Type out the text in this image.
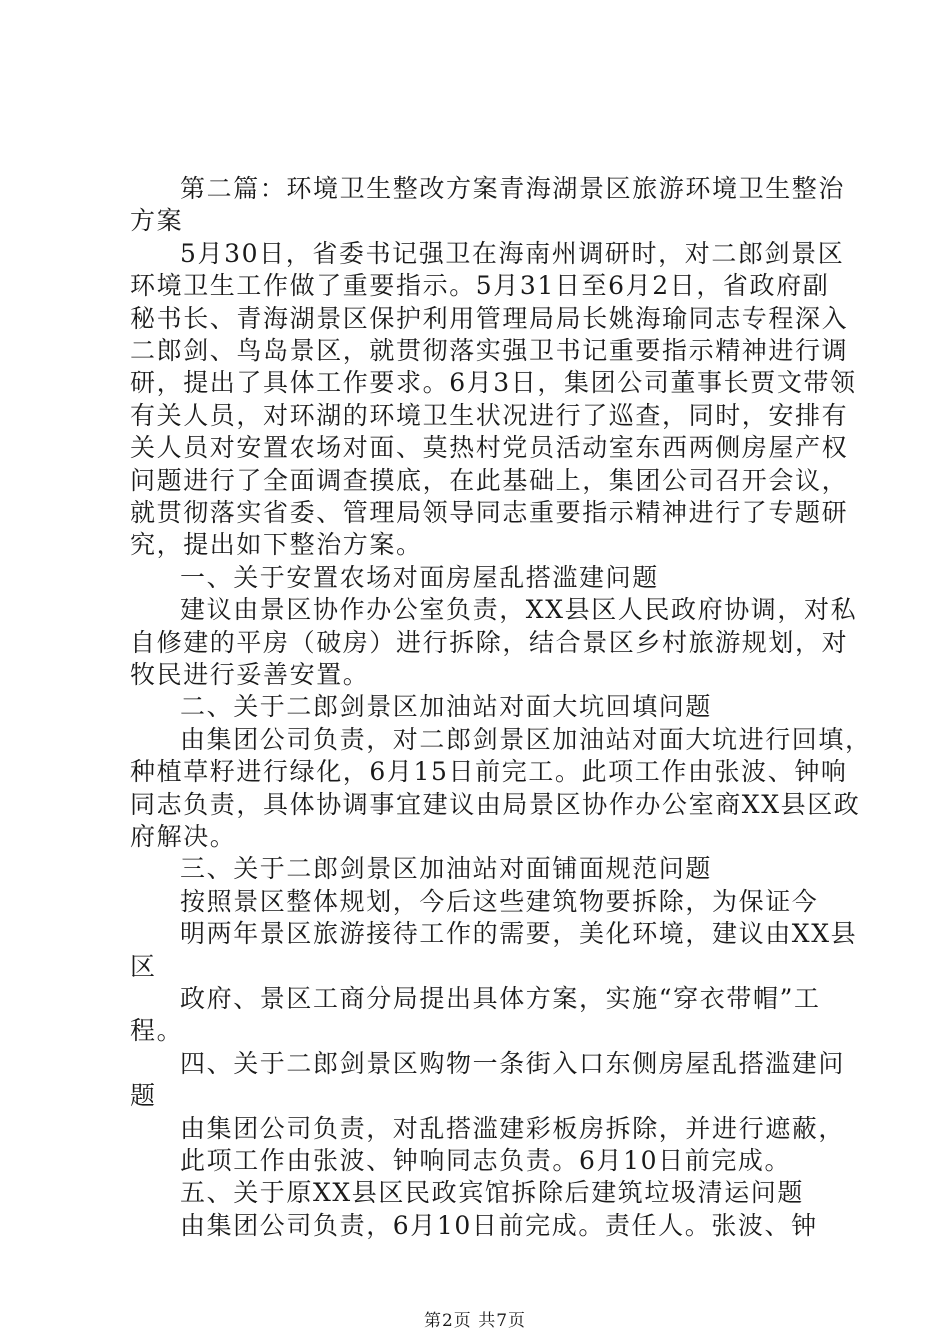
第二篇：环境卫生整改方案青海湖景区旅游环境卫生整治
方案
5月30日，省委书记强卫在海南州调研时，对二郎剑景区
环境卫生工作做了重要指示。5月31日至6月2日，省政府副
秘书长、青海湖景区保护利用管理局局长姚海瑜同志专程深入
二郎剑、鸟岛景区，就贯彻落实强卫书记重要指示精神进行调
研，提出了具体工作要求。6月3日，集团公司董事长贾文带领
有关人员，对环湖的环境卫生状况进行了巡查，同时，安排有
关人员对安置农场对面、莫热村党员活动室东西两侧房屋产权
问题进行了全面调查摸底，在此基础上，集团公司召开会议，
就贯彻落实省委、管理局领导同志重要指示精神进行了专题研
究，提出如下整治方案。
一、关于安置农场对面房屋乱搭滥建问题
建议由景区协作办公室负责，XX县区人民政府协调，对私
自修建的平房（破房）进行拆除，结合景区乡村旅游规划，对
牧民进行妥善安置。
二、关于二郎剑景区加油站对面大坑回填问题
由集团公司负责，对二郎剑景区加油站对面大坑进行回填，
种植草籽进行绿化，6月15日前完工。此项工作由张波、钟响
同志负责，具体协调事宜建议由局景区协作办公室商XX县区政
府解决。
三、关于二郎剑景区加油站对面铺面规范问题
按照景区整体规划，今后这些建筑物要拆除，为保证今
明两年景区旅游接待工作的需要，美化环境，建议由XX县
区
政府、景区工商分局提出具体方案，实施“穿衣带帽”工
程。
四、关于二郎剑景区购物一条街入口东侧房屋乱搭滥建问
题
由集团公司负责，对乱搭滥建彩板房拆除，并进行遮蔽，
此项工作由张波、钟响同志负责。6月10日前完成。
五、关于原XX县区民政宾馆拆除后建筑垃圾清运问题
由集团公司负责，6月10日前完成。责任人。张波、钟
第2页 共7页
